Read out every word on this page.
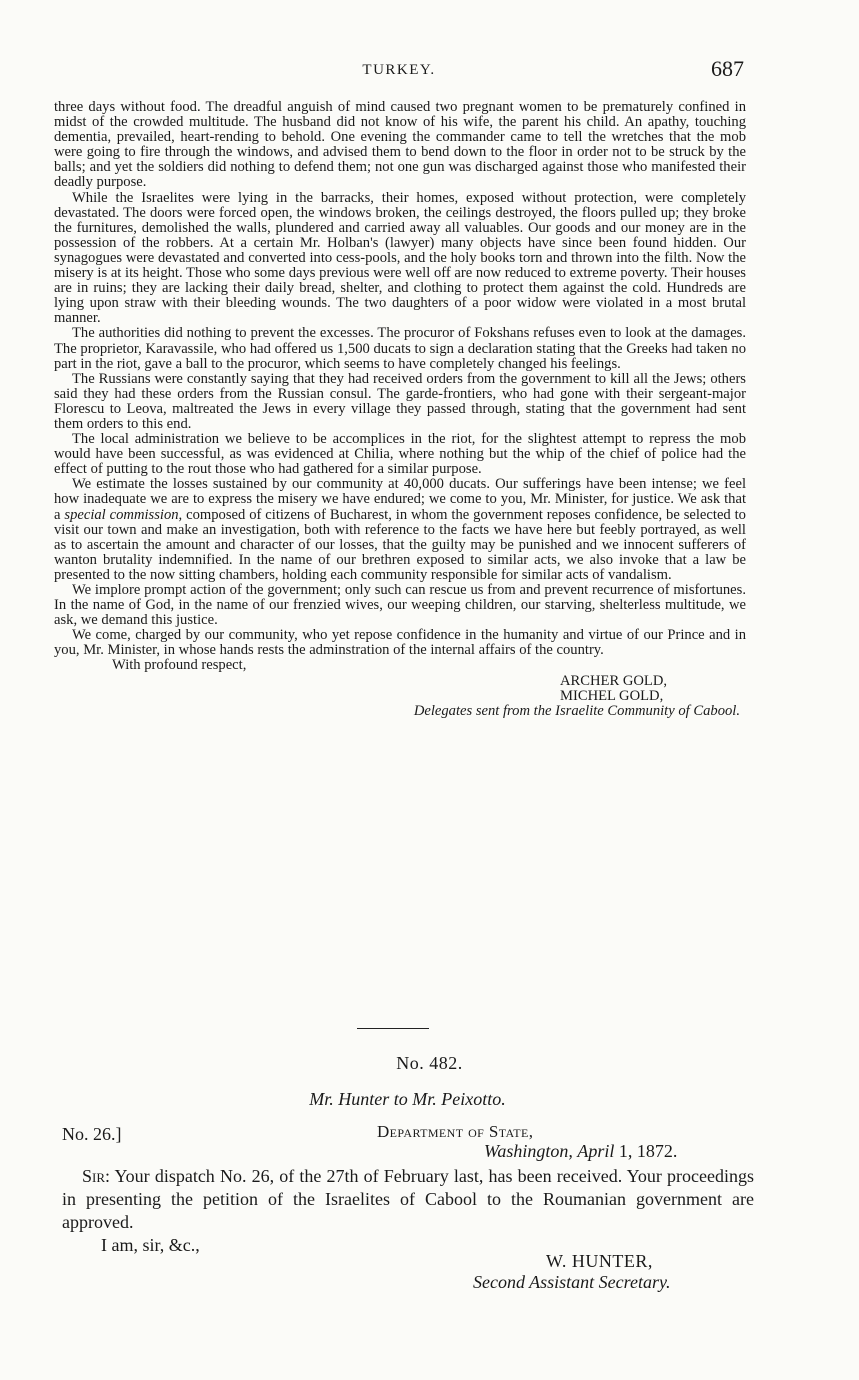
TURKEY.	687

three days without food. The dreadful anguish of mind caused two pregnant women to be prematurely confined in midst of the crowded multitude. The husband did not know of his wife, the parent his child. An apathy, touching dementia, prevailed, heart-rending to behold. One evening the commander came to tell the wretches that the mob were going to fire through the windows, and advised them to bend down to the floor in order not to be struck by the balls; and yet the soldiers did nothing to defend them; not one gun was discharged against those who manifested their deadly purpose.

While the Israelites were lying in the barracks, their homes, exposed without protection, were completely devastated. The doors were forced open, the windows broken, the ceilings destroyed, the floors pulled up; they broke the furnitures, demolished the walls, plundered and carried away all valuables. Our goods and our money are in the possession of the robbers. At a certain Mr. Holban's (lawyer) many objects have since been found hidden. Our synagogues were devastated and converted into cess-pools, and the holy books torn and thrown into the filth. Now the misery is at its height. Those who some days previous were well off are now reduced to extreme poverty. Their houses are in ruins; they are lacking their daily bread, shelter, and clothing to protect them against the cold. Hundreds are lying upon straw with their bleeding wounds. The two daughters of a poor widow were violated in a most brutal manner.

The authorities did nothing to prevent the excesses. The procuror of Fokshans refuses even to look at the damages. The proprietor, Karavassile, who had offered us 1,500 ducats to sign a declaration stating that the Greeks had taken no part in the riot, gave a ball to the procuror, which seems to have completely changed his feelings.

The Russians were constantly saying that they had received orders from the government to kill all the Jews; others said they had these orders from the Russian consul. The garde-frontiers, who had gone with their sergeant-major Florescu to Leova, maltreated the Jews in every village they passed through, stating that the government had sent them orders to this end.

The local administration we believe to be accomplices in the riot, for the slightest attempt to repress the mob would have been successful, as was evidenced at Chilia, where nothing but the whip of the chief of police had the effect of putting to the rout those who had gathered for a similar purpose.

We estimate the losses sustained by our community at 40,000 ducats. Our sufferings have been intense; we feel how inadequate we are to express the misery we have endured; we come to you, Mr. Minister, for justice. We ask that a special commission, composed of citizens of Bucharest, in whom the government reposes confidence, be selected to visit our town and make an investigation, both with reference to the facts we have here but feebly portrayed, as well as to ascertain the amount and character of our losses, that the guilty may be punished and we innocent sufferers of wanton brutality indemnified. In the name of our brethren exposed to similar acts, we also invoke that a law be presented to the now sitting chambers, holding each community responsible for similar acts of vandalism.

We implore prompt action of the government; only such can rescue us from and prevent recurrence of misfortunes. In the name of God, in the name of our frenzied wives, our weeping children, our starving, shelterless multitude, we ask, we demand this justice.

We come, charged by our community, who yet repose confidence in the humanity and virtue of our Prince and in you, Mr. Minister, in whose hands rests the adminstration of the internal affairs of the country.

With profound respect,
ARCHER GOLD,
MICHEL GOLD,
Delegates sent from the Israelite Community of Cabool.
No. 482.
Mr. Hunter to Mr. Peixotto.
No. 26.]	Department of State,
Washington, April 1, 1872.

Sir: Your dispatch No. 26, of the 27th of February last, has been received. Your proceedings in presenting the petition of the Israelites of Cabool to the Roumanian government are approved.

I am, sir, &c.,
W. HUNTER,
Second Assistant Secretary.
